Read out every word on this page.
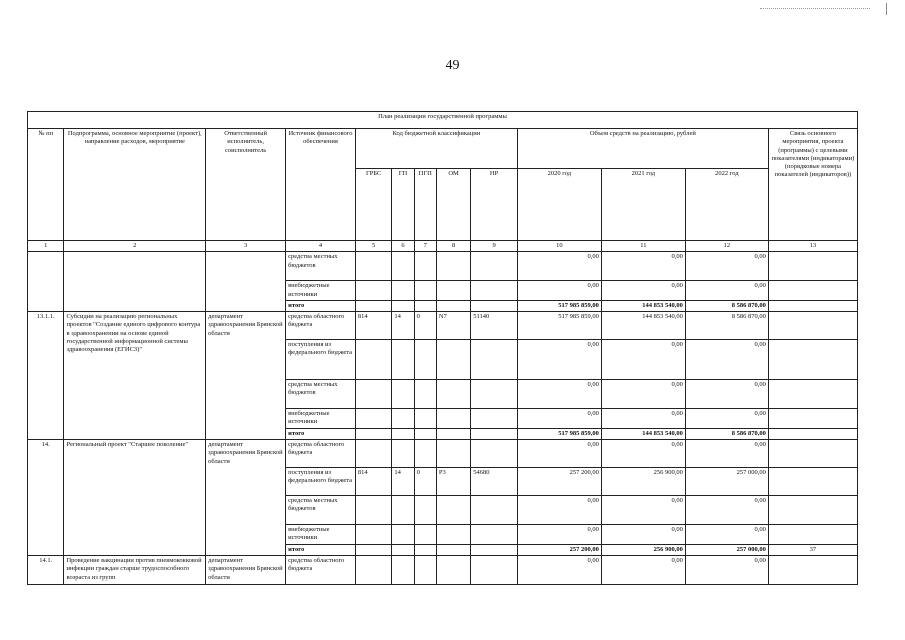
49
План реализации государственной программы												
№ пп	Подпрограмма, основное мероприятие (проект), направление расходов, мероприятие	Ответственный исполнитель, соисполнитель	Источник финансового обеспечения	Код бюджетной классификации					Объем средств на реализацию, рублей			Связь основного мероприятия, проекта (программы) с целевыми показателями (индикаторами) (порядковые номера показателей (индикаторов))
				ГРБС	ГП	ПГП	ОМ	НР	2020 год	2021 год	2022 год	
1	2	3	4	5	6	7	8	9	10	11	12	13
			средства местных бюджетов						0,00	0,00	0,00	
			внебюджетные источники						0,00	0,00	0,00	
			итого						517 985 859,00	144 853 540,00	8 586 870,00	
13.1.1.	Субсидии на реализацию региональных проектов "Создание единого цифрового контура в здравоохранении на основе единой государственной информационной системы здравоохранения (ЕГИСЗ)"	департамент здравоохранения Брянской области	средства областного бюджета	814	14	0	N7	51140	517 985 859,00	144 853 540,00	8 586 870,00	
			поступления из федерального бюджета						0,00	0,00	0,00	
			средства местных бюджетов						0,00	0,00	0,00	
			внебюджетные источники						0,00	0,00	0,00	
			итого						517 985 859,00	144 853 540,00	8 586 870,00	
14.	Региональный проект "Старшее поколение"	департамент здравоохранения Брянской области	средства областного бюджета						0,00	0,00	0,00	
			поступления из федерального бюджета	814	14	0	P3	54680	257 200,00	256 900,00	257 000,00	
			средства местных бюджетов						0,00	0,00	0,00	
			внебюджетные источники						0,00	0,00	0,00	
			итого						257 200,00	256 900,00	257 000,00	37
14.1.	Проведение вакцинации против пневмококковой инфекции граждан старше трудоспособного возраста из групп	департамент здравоохранения Брянской области	средства областного бюджета						0,00	0,00	0,00	
